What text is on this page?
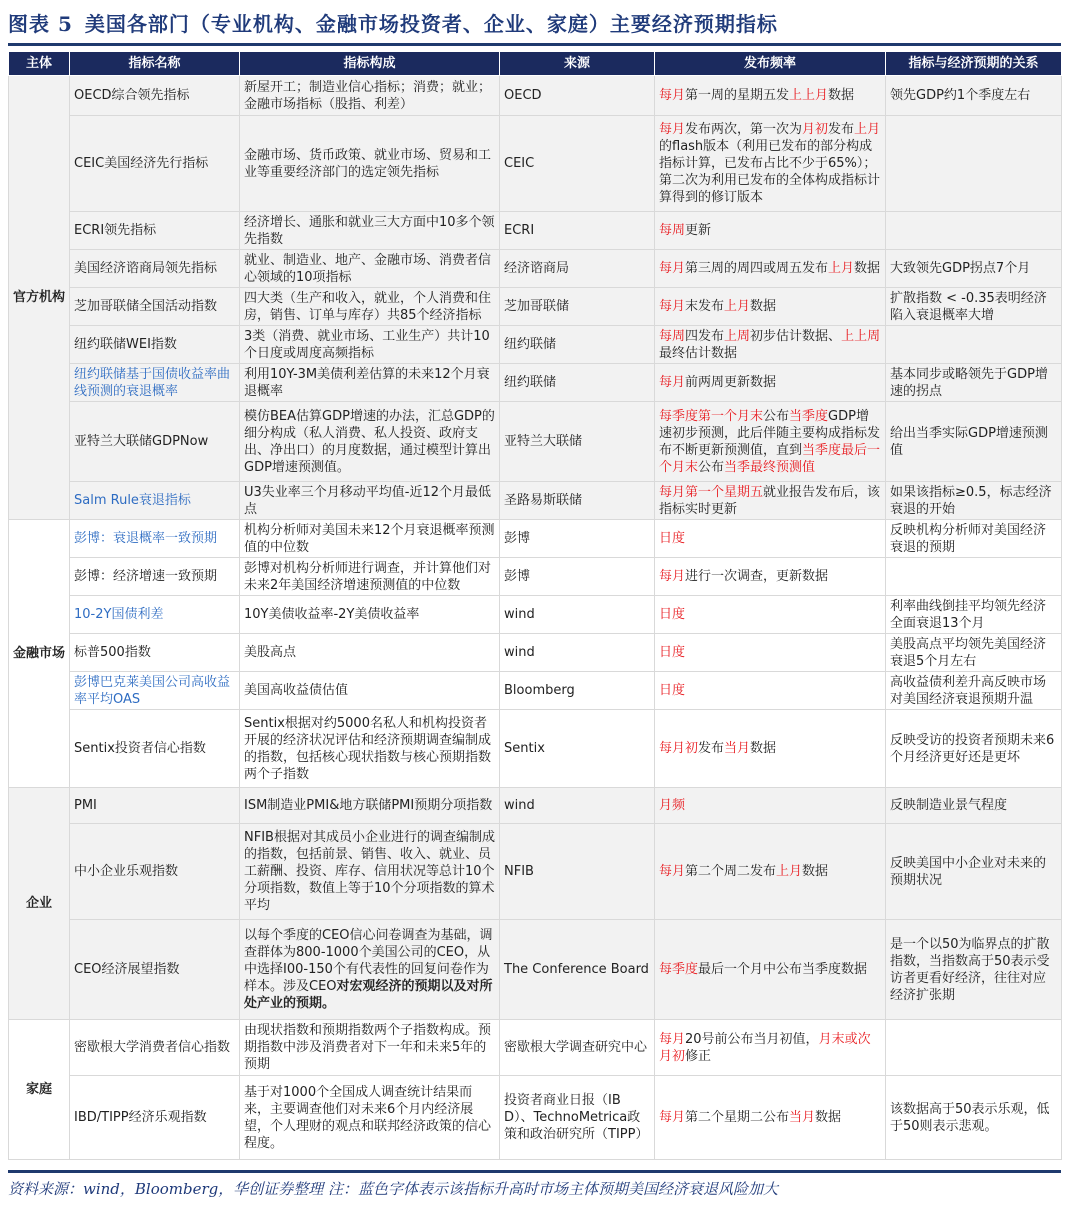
图表 5 美国各部门（专业机构、金融市场投资者、企业、家庭）主要经济预期指标
主体	指标名称	指标构成	来源	发布频率	指标与经济预期的关系
官方机构	OECD综合领先指标	新屋开工；制造业信心指标；消费；就业；金融市场指标（股指、利差）	OECD	每月第一周的星期五发上上月数据	领先GDP约1个季度左右
	CEIC美国经济先行指标	金融市场、货币政策、就业市场、贸易和工业等重要经济部门的选定领先指标	CEIC	每月发布两次，第一次为月初发布上月的flash版本（利用已发布的部分构成指标计算，已发布占比不少于65%）；第二次为利用已发布的全体构成指标计算得到的修订版本	
	ECRI领先指标	经济增长、通胀和就业三大方面中10多个领先指数	ECRI	每周更新	
	美国经济谘商局领先指标	就业、制造业、地产、金融市场、消费者信心领域的10项指标	经济谘商局	每月第三周的周四或周五发布上月数据	大致领先GDP拐点7个月
	芝加哥联储全国活动指数	四大类（生产和收入，就业，个人消费和住房，销售、订单与库存）共85个经济指标	芝加哥联储	每月末发布上月数据	扩散指数 < -0.35表明经济陷入衰退概率大增
	纽约联储WEI指数	3类（消费、就业市场、工业生产）共计10个日度或周度高频指标	纽约联储	每周四发布上周初步估计数据、上上周最终估计数据	
	纽约联储基于国债收益率曲线预测的衰退概率	利用10Y-3M美债利差估算的未来12个月衰退概率	纽约联储	每月前两周更新数据	基本同步或略领先于GDP增速的拐点
	亚特兰大联储GDPNow	模仿BEA估算GDP增速的办法，汇总GDP的细分构成（私人消费、私人投资、政府支出、净出口）的月度数据，通过模型计算出GDP增速预测值。	亚特兰大联储	每季度第一个月末公布当季度GDP增速初步预测，此后伴随主要构成指标发布不断更新预测值，直到当季度最后一个月末公布当季最终预测值	给出当季实际GDP增速预测值
	Salm Rule衰退指标	U3失业率三个月移动平均值-近12个月最低点	圣路易斯联储	每月第一个星期五就业报告发布后，该指标实时更新	如果该指标≥0.5，标志经济衰退的开始
金融市场	彭博：衰退概率一致预期	机构分析师对美国未来12个月衰退概率预测值的中位数	彭博	日度	反映机构分析师对美国经济衰退的预期
	彭博：经济增速一致预期	彭博对机构分析师进行调查，并计算他们对未来2年美国经济增速预测值的中位数	彭博	每月进行一次调查，更新数据	
	10-2Y国债利差	10Y美债收益率-2Y美债收益率	wind	日度	利率曲线倒挂平均领先经济全面衰退13个月
	标普500指数	美股高点	wind	日度	美股高点平均领先美国经济衰退5个月左右
	彭博巴克莱美国公司高收益率平均OAS	美国高收益债估值	Bloomberg	日度	高收益债利差升高反映市场对美国经济衰退预期升温
	Sentix投资者信心指数	Sentix根据对约5000名私人和机构投资者开展的经济状况评估和经济预期调查编制成的指数，包括核心现状指数与核心预期指数两个子指数	Sentix	每月初发布当月数据	反映受访的投资者预期未来6个月经济更好还是更坏
企业	PMI	ISM制造业PMI&地方联储PMI预期分项指数	wind	月频	反映制造业景气程度
	中小企业乐观指数	NFIB根据对其成员小企业进行的调查编制成的指数，包括前景、销售、收入、就业、员工薪酬、投资、库存、信用状况等总计10个分项指数，数值上等于10个分项指数的算术平均	NFIB	每月第二个周二发布上月数据	反映美国中小企业对未来的预期状况
	CEO经济展望指数	以每个季度的CEO信心问卷调查为基础，调查群体为800-1000个美国公司的CEO，从中选择I00-150个有代表性的回复问卷作为样本。涉及CEO对宏观经济的预期以及对所处产业的预期。	The Conference Board	每季度最后一个月中公布当季度数据	是一个以50为临界点的扩散指数，当指数高于50表示受访者更看好经济，往往对应经济扩张期
家庭	密歇根大学消费者信心指数	由现状指数和预期指数两个子指数构成。预期指数中涉及消费者对下一年和未来5年的预期	密歇根大学调查研究中心	每月20号前公布当月初值，月末或次月初修正	
	IBD/TIPP经济乐观指数	基于对1000个全国成人调查统计结果而来，主要调查他们对未来6个月内经济展望，个人理财的观点和联邦经济政策的信心程度。	投资者商业日报（IBD）、TechnoMetrica政策和政治研究所（TIPP）	每月第二个星期二公布当月数据	该数据高于50表示乐观，低于50则表示悲观。
资料来源：wind，Bloomberg，华创证券整理 注：蓝色字体表示该指标升高时市场主体预期美国经济衰退风险加大
